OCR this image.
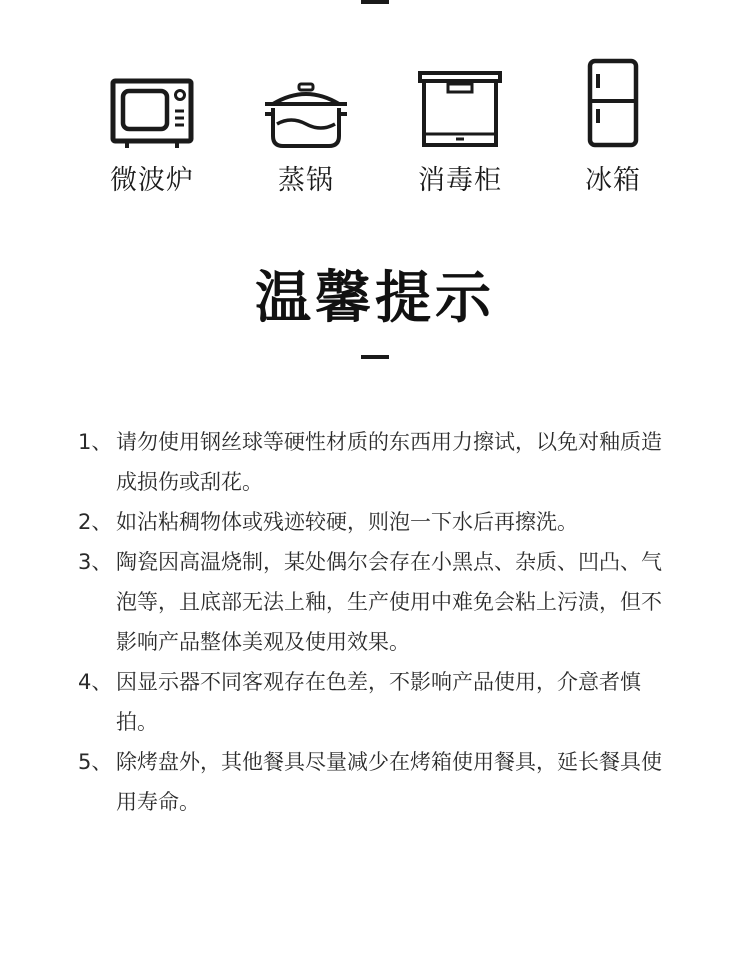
微波炉	蒸锅	消毒柜	冰箱
温馨提示
1、 请勿使用钢丝球等硬性材质的东西用力擦试，以免对釉质造成损伤或刮花。
2、 如沾粘稠物体或残迹较硬，则泡一下水后再擦洗。
3、 陶瓷因高温烧制，某处偶尔会存在小黑点、杂质、凹凸、气泡等，且底部无法上釉，生产使用中难免会粘上污渍，但不影响产品整体美观及使用效果。
4、 因显示器不同客观存在色差，不影响产品使用，介意者慎拍。
5、 除烤盘外，其他餐具尽量减少在烤箱使用餐具，延长餐具使用寿命。
